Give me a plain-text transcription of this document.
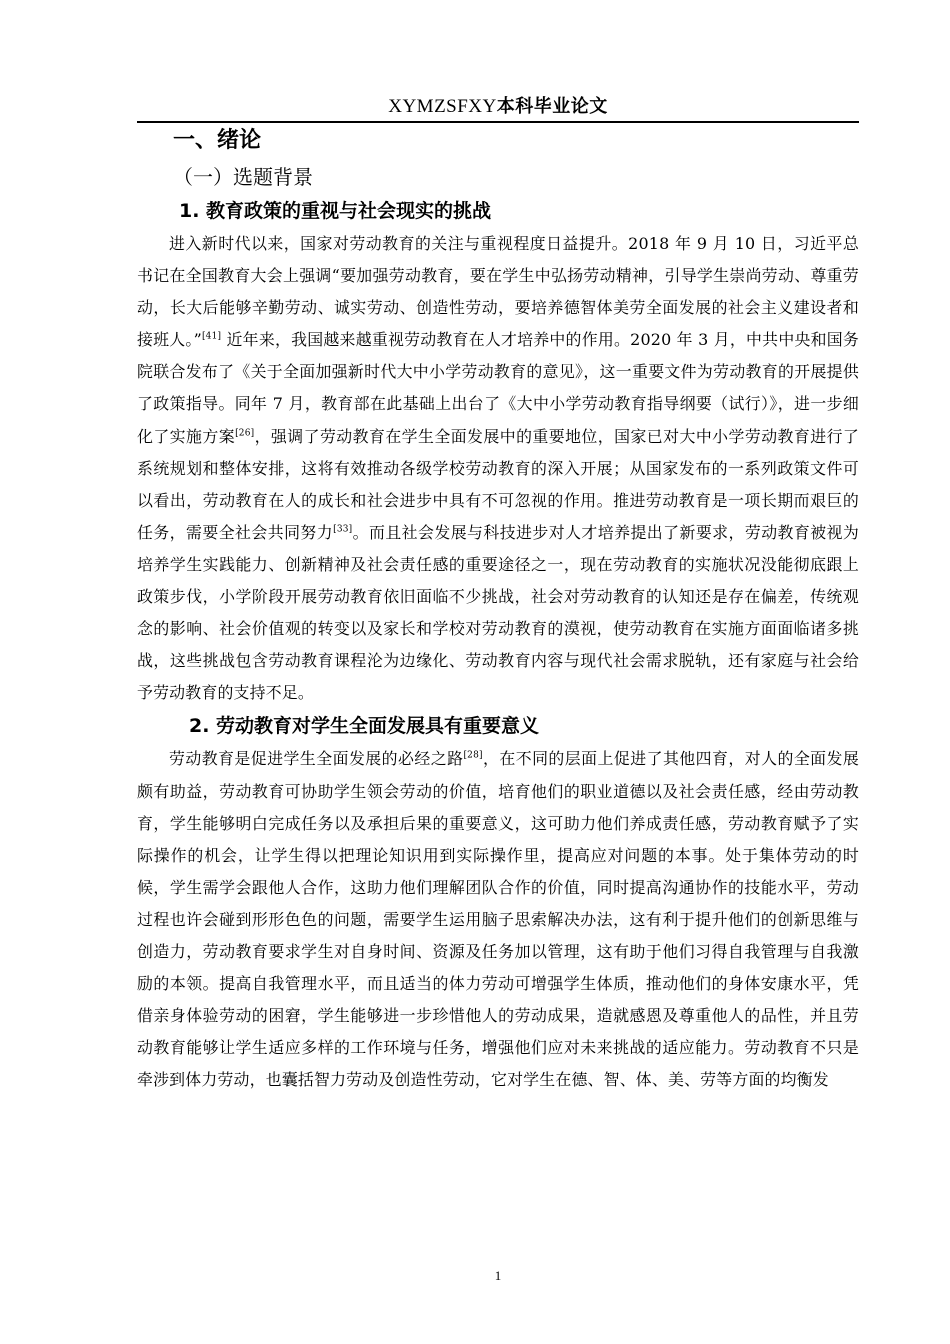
XYMZSFXY本科毕业论文
一、绪论
（一）选题背景
1. 教育政策的重视与社会现实的挑战

进入新时代以来，国家对劳动教育的关注与重视程度日益提升。2018 年 9 月 10 日，习近平总书记在全国教育大会上强调“要加强劳动教育，要在学生中弘扬劳动精神，引导学生崇尚劳动、尊重劳动，长大后能够辛勤劳动、诚实劳动、创造性劳动，要培养德智体美劳全面发展的社会主义建设者和接班人。”[41] 近年来，我国越来越重视劳动教育在人才培养中的作用。2020 年 3 月，中共中央和国务院联合发布了《关于全面加强新时代大中小学劳动教育的意见》，这一重要文件为劳动教育的开展提供了政策指导。同年 7 月，教育部在此基础上出台了《大中小学劳动教育指导纲要（试行）》，进一步细化了实施方案[26]，强调了劳动教育在学生全面发展中的重要地位，国家已对大中小学劳动教育进行了系统规划和整体安排，这将有效推动各级学校劳动教育的深入开展；从国家发布的一系列政策文件可以看出，劳动教育在人的成长和社会进步中具有不可忽视的作用。推进劳动教育是一项长期而艰巨的任务，需要全社会共同努力[33]。而且社会发展与科技进步对人才培养提出了新要求，劳动教育被视为培养学生实践能力、创新精神及社会责任感的重要途径之一，现在劳动教育的实施状况没能彻底跟上政策步伐，小学阶段开展劳动教育依旧面临不少挑战，社会对劳动教育的认知还是存在偏差，传统观念的影响、社会价值观的转变以及家长和学校对劳动教育的漠视，使劳动教育在实施方面面临诸多挑战，这些挑战包含劳动教育课程沦为边缘化、劳动教育内容与现代社会需求脱轨，还有家庭与社会给予劳动教育的支持不足。

2. 劳动教育对学生全面发展具有重要意义

劳动教育是促进学生全面发展的必经之路[28]，在不同的层面上促进了其他四育，对人的全面发展颇有助益，劳动教育可协助学生领会劳动的价值，培育他们的职业道德以及社会责任感，经由劳动教育，学生能够明白完成任务以及承担后果的重要意义，这可助力他们养成责任感，劳动教育赋予了实际操作的机会，让学生得以把理论知识用到实际操作里，提高应对问题的本事。处于集体劳动的时候，学生需学会跟他人合作，这助力他们理解团队合作的价值，同时提高沟通协作的技能水平，劳动过程也许会碰到形形色色的问题，需要学生运用脑子思索解决办法，这有利于提升他们的创新思维与创造力，劳动教育要求学生对自身时间、资源及任务加以管理，这有助于他们习得自我管理与自我激励的本领。提高自我管理水平，而且适当的体力劳动可增强学生体质，推动他们的身体安康水平，凭借亲身体验劳动的困窘，学生能够进一步珍惜他人的劳动成果，造就感恩及尊重他人的品性，并且劳动教育能够让学生适应多样的工作环境与任务，增强他们应对未来挑战的适应能力。劳动教育不只是牵涉到体力劳动，也囊括智力劳动及创造性劳动，它对学生在德、智、体、美、劳等方面的均衡发

1
